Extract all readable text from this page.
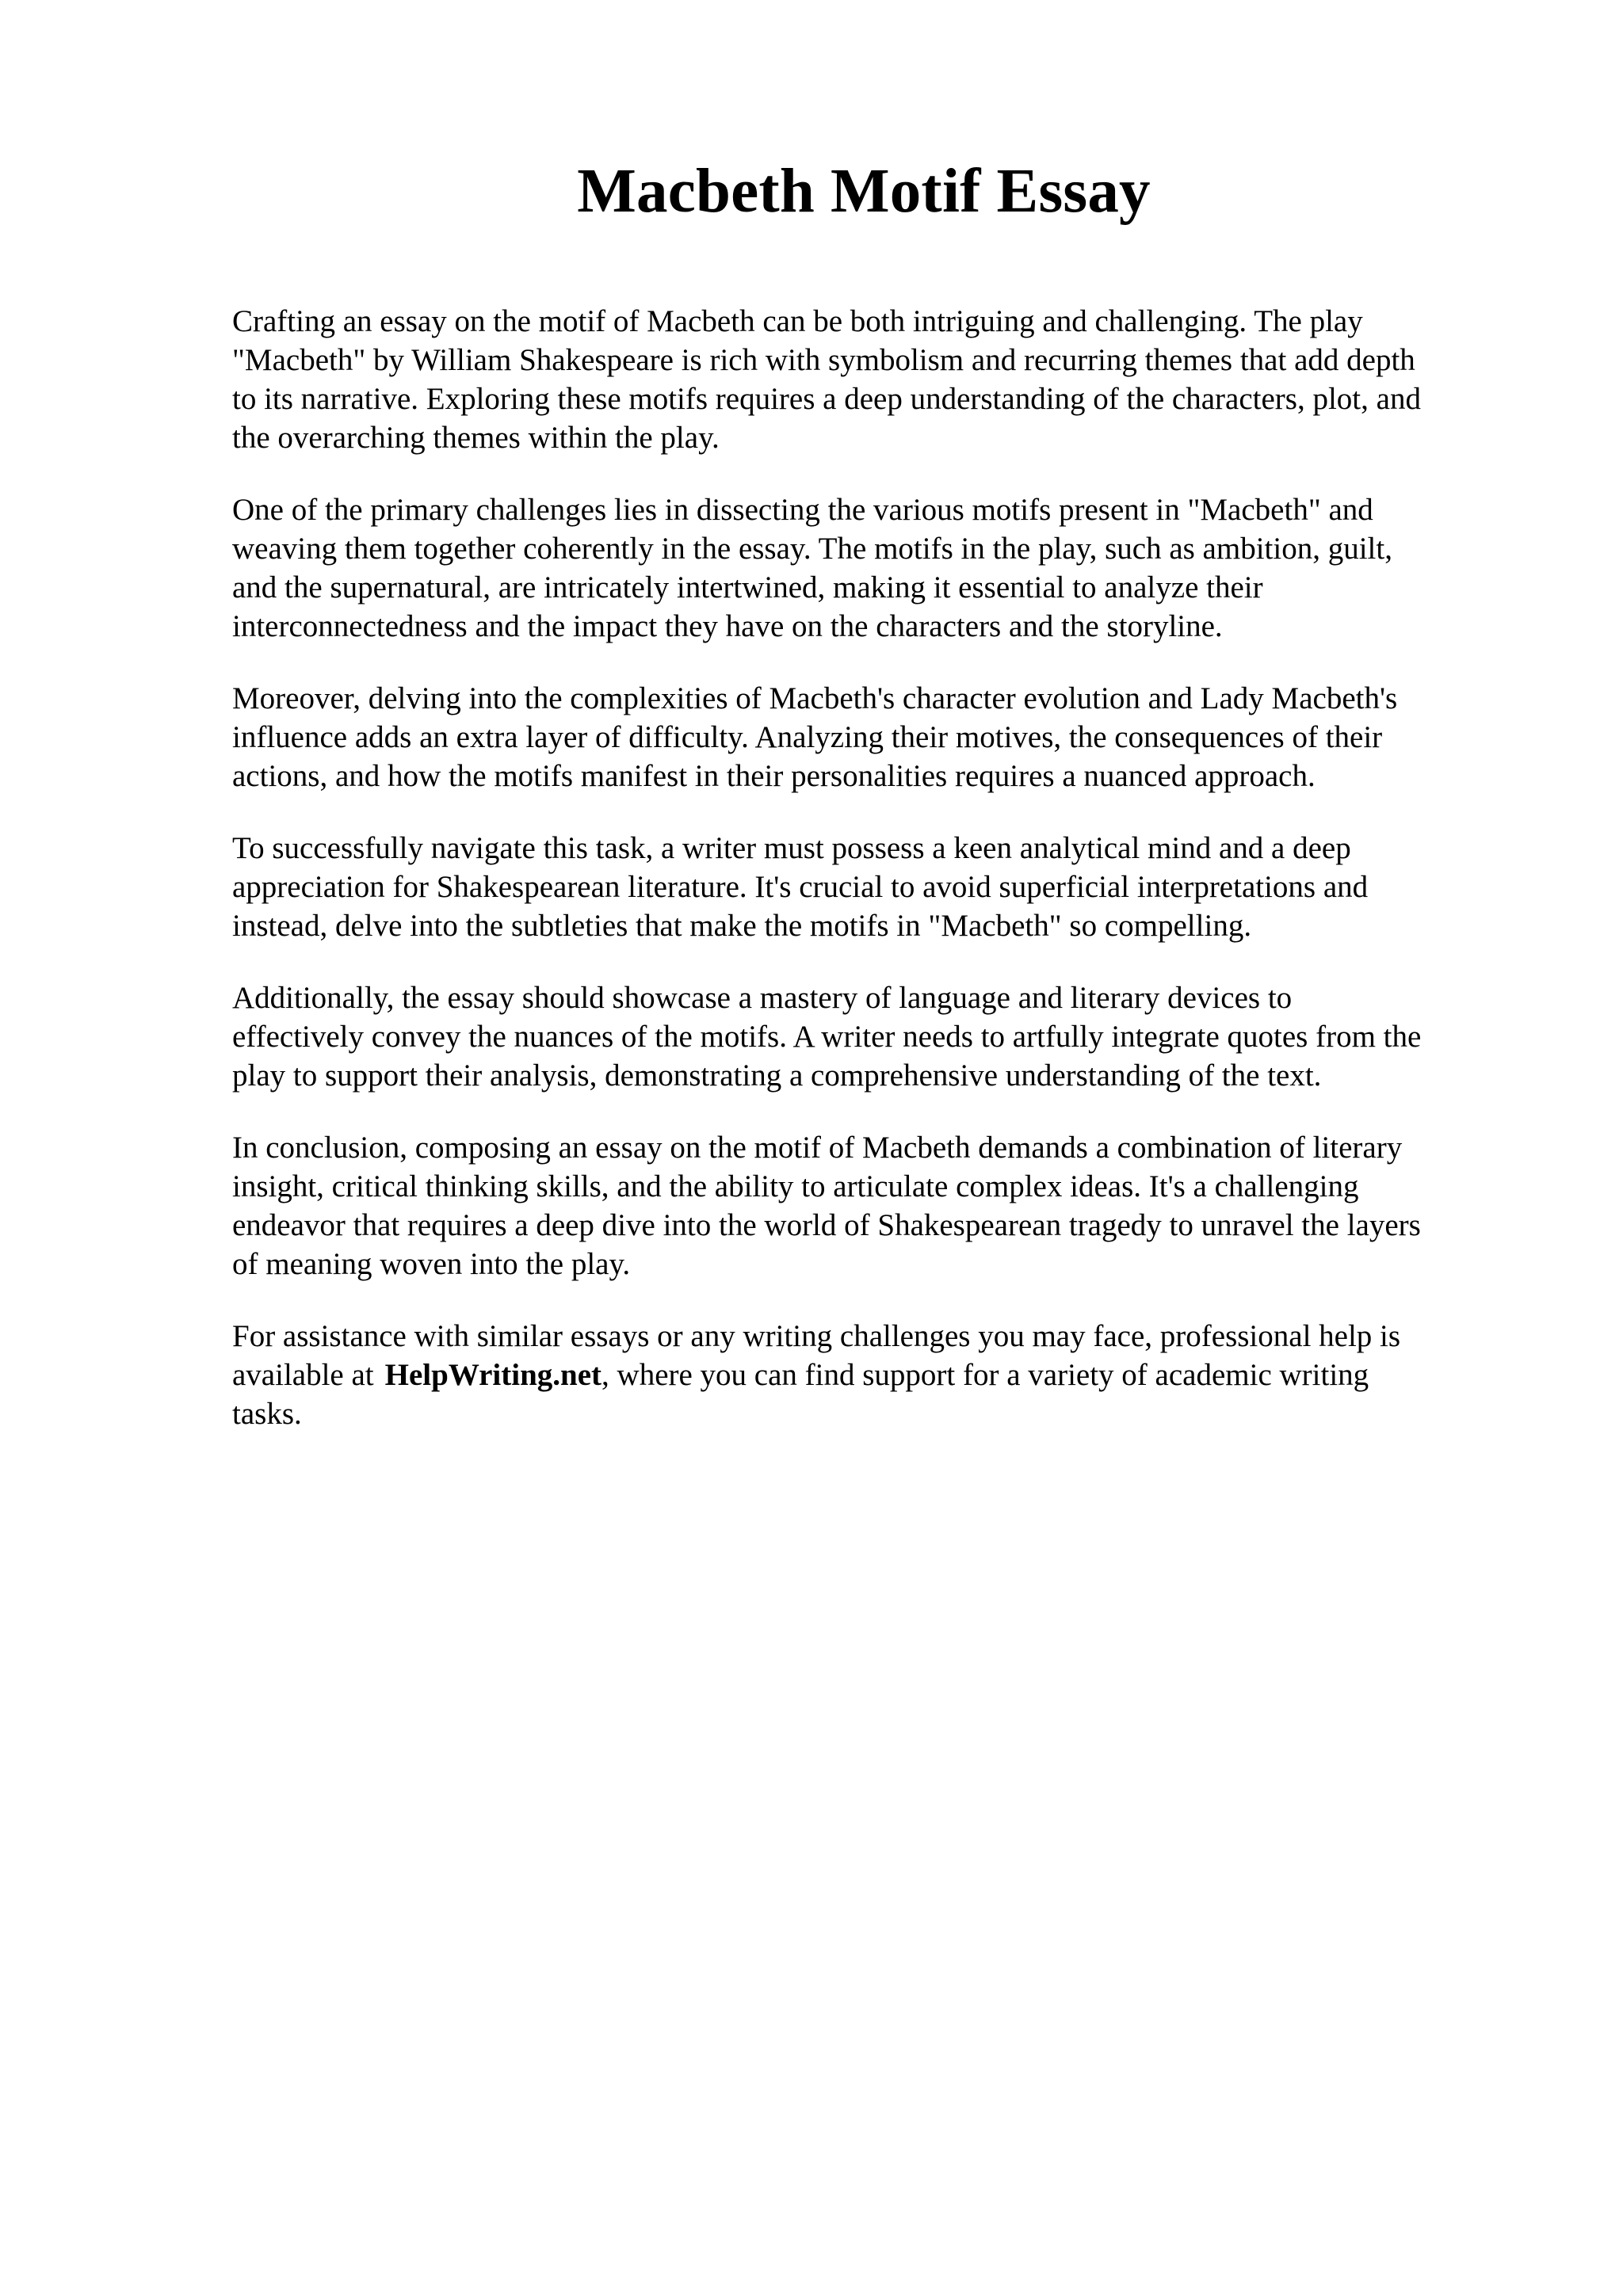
Macbeth Motif Essay

Crafting an essay on the motif of Macbeth can be both intriguing and challenging. The play
"Macbeth" by William Shakespeare is rich with symbolism and recurring themes that add depth
to its narrative. Exploring these motifs requires a deep understanding of the characters, plot, and
the overarching themes within the play.

One of the primary challenges lies in dissecting the various motifs present in "Macbeth" and
weaving them together coherently in the essay. The motifs in the play, such as ambition, guilt,
and the supernatural, are intricately intertwined, making it essential to analyze their
interconnectedness and the impact they have on the characters and the storyline.

Moreover, delving into the complexities of Macbeth's character evolution and Lady Macbeth's
influence adds an extra layer of difficulty. Analyzing their motives, the consequences of their
actions, and how the motifs manifest in their personalities requires a nuanced approach.

To successfully navigate this task, a writer must possess a keen analytical mind and a deep
appreciation for Shakespearean literature. It's crucial to avoid superficial interpretations and
instead, delve into the subtleties that make the motifs in "Macbeth" so compelling.

Additionally, the essay should showcase a mastery of language and literary devices to
effectively convey the nuances of the motifs. A writer needs to artfully integrate quotes from the
play to support their analysis, demonstrating a comprehensive understanding of the text.

In conclusion, composing an essay on the motif of Macbeth demands a combination of literary
insight, critical thinking skills, and the ability to articulate complex ideas. It's a challenging
endeavor that requires a deep dive into the world of Shakespearean tragedy to unravel the layers
of meaning woven into the play.

For assistance with similar essays or any writing challenges you may face, professional help is
available at HelpWriting.net, where you can find support for a variety of academic writing
tasks.
